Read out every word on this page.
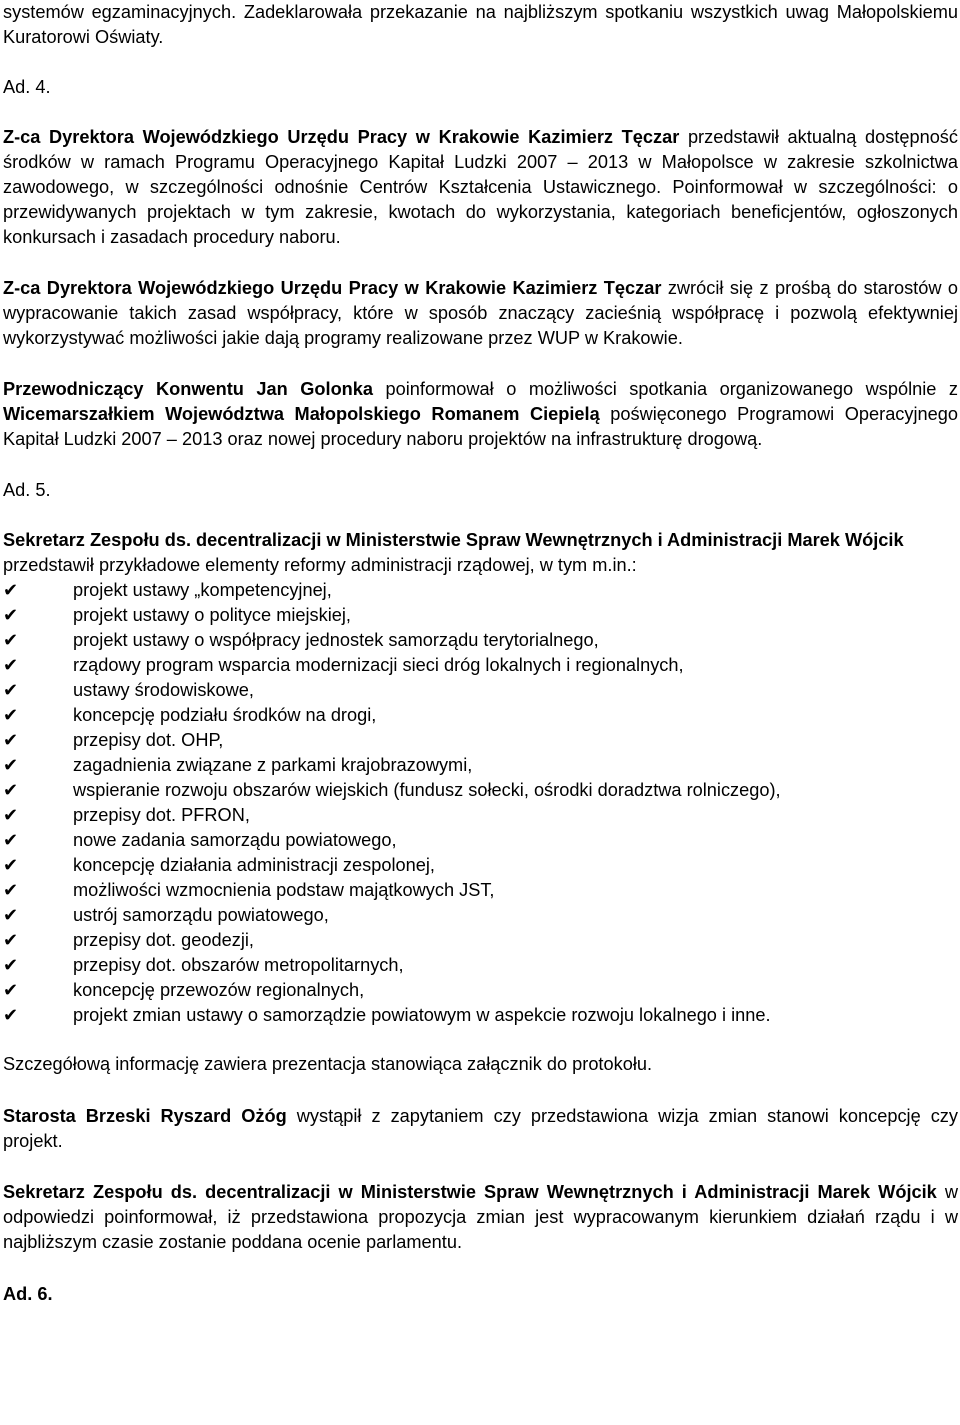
systemów egzaminacyjnych. Zadeklarowała przekazanie na najbliższym spotkaniu wszystkich uwag Małopolskiemu Kuratorowi Oświaty.

Ad. 4.

Z-ca Dyrektora Wojewódzkiego Urzędu Pracy w Krakowie Kazimierz Tęczar przedstawił aktualną dostępność środków w ramach Programu Operacyjnego Kapitał Ludzki 2007 – 2013 w Małopolsce w zakresie szkolnictwa zawodowego, w szczególności odnośnie Centrów Kształcenia Ustawicznego. Poinformował w szczególności: o przewidywanych projektach w tym zakresie, kwotach do wykorzystania, kategoriach beneficjentów, ogłoszonych konkursach i zasadach procedury naboru.

Z-ca Dyrektora Wojewódzkiego Urzędu Pracy w Krakowie Kazimierz Tęczar zwrócił się z prośbą do starostów o wypracowanie takich zasad współpracy, które w sposób znaczący zacieśnią współpracę i pozwolą efektywniej wykorzystywać możliwości jakie dają programy realizowane przez WUP w Krakowie.

Przewodniczący Konwentu Jan Golonka poinformował o możliwości spotkania organizowanego wspólnie z Wicemarszałkiem Województwa Małopolskiego Romanem Ciepielą poświęconego Programowi Operacyjnego Kapitał Ludzki 2007 – 2013 oraz nowej procedury naboru projektów na infrastrukturę drogową.

Ad. 5.

Sekretarz Zespołu ds. decentralizacji w Ministerstwie Spraw Wewnętrznych i Administracji Marek Wójcik przedstawił przykładowe elementy reformy administracji rządowej, w tym m.in.:

✔	projekt ustawy „kompetencyjnej,
✔	projekt ustawy o polityce miejskiej,
✔	projekt ustawy o współpracy jednostek samorządu terytorialnego,
✔	rządowy program wsparcia modernizacji sieci dróg lokalnych i regionalnych,
✔	ustawy środowiskowe,
✔	koncepcję podziału środków na drogi,
✔	przepisy dot. OHP,
✔	zagadnienia związane z parkami krajobrazowymi,
✔	wspieranie rozwoju obszarów wiejskich (fundusz sołecki, ośrodki doradztwa rolniczego),
✔	przepisy dot. PFRON,
✔	nowe zadania samorządu powiatowego,
✔	koncepcję działania administracji zespolonej,
✔	możliwości wzmocnienia podstaw majątkowych JST,
✔	ustrój samorządu powiatowego,
✔	przepisy dot. geodezji,
✔	przepisy dot. obszarów metropolitarnych,
✔	koncepcję przewozów regionalnych,
✔	projekt zmian ustawy o samorządzie powiatowym w aspekcie rozwoju lokalnego i inne.

Szczegółową informację zawiera prezentacja stanowiąca załącznik do protokołu.

Starosta Brzeski Ryszard Ożóg wystąpił z zapytaniem czy przedstawiona wizja zmian stanowi koncepcję czy projekt.

Sekretarz Zespołu ds. decentralizacji w Ministerstwie Spraw Wewnętrznych i Administracji Marek Wójcik w odpowiedzi poinformował, iż przedstawiona propozycja zmian jest wypracowanym kierunkiem działań rządu i w najbliższym czasie zostanie poddana ocenie parlamentu.

Ad. 6.
